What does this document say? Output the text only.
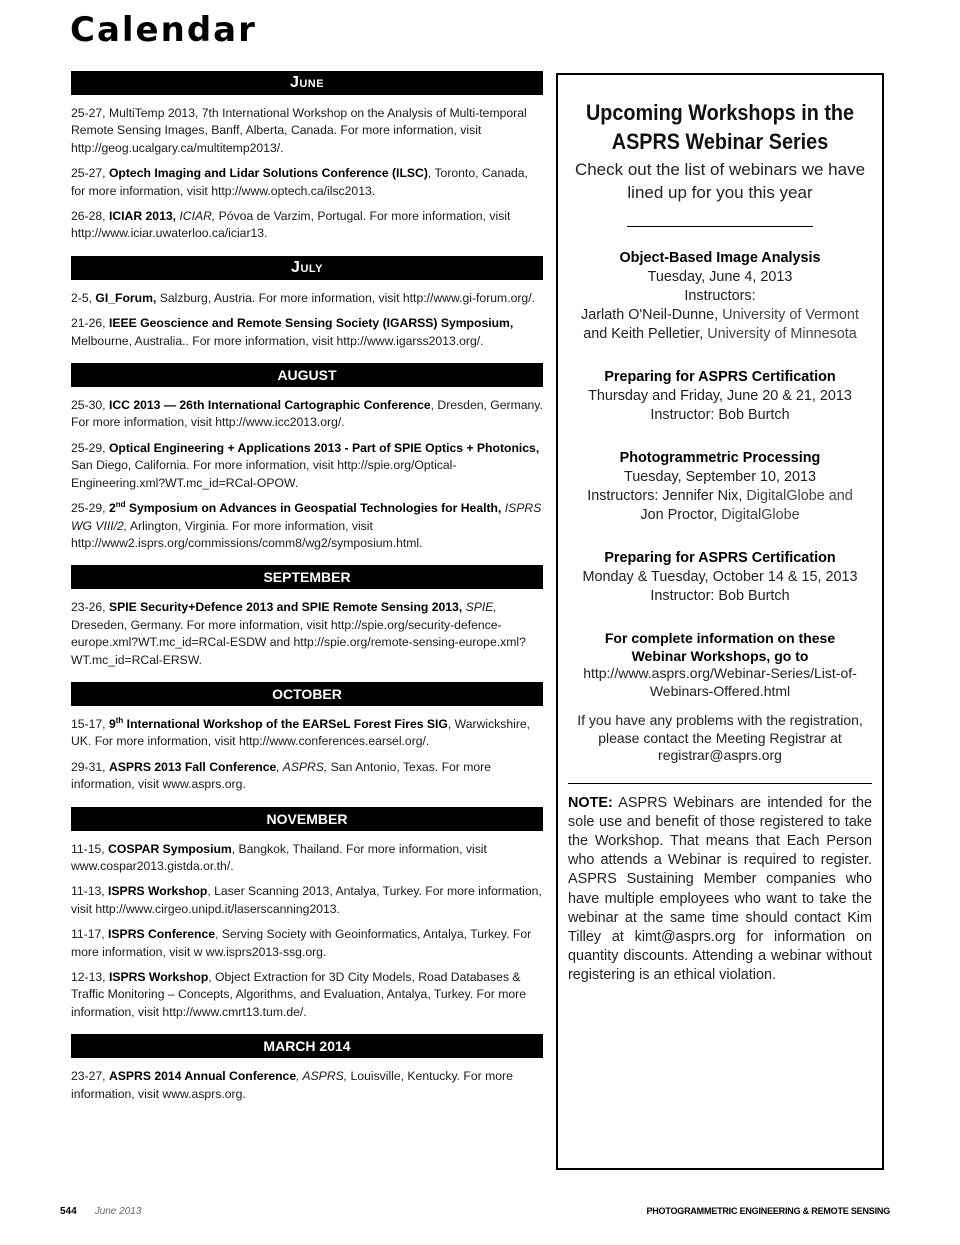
Calendar
June

25-27, MultiTemp 2013, 7th International Workshop on the Analysis of Multi-temporal Remote Sensing Images, Banff, Alberta, Canada. For more information, visit http://geog.ucalgary.ca/multitemp2013/.

25-27, Optech Imaging and Lidar Solutions Conference (ILSC), Toronto, Canada, for more information, visit http://www.optech.ca/ilsc2013.

26-28, ICIAR 2013, ICIAR, Póvoa de Varzim, Portugal. For more information, visit http://www.iciar.uwaterloo.ca/iciar13.

July

2-5, GI_Forum, Salzburg, Austria. For more information, visit http://www.gi-forum.org/.

21-26, IEEE Geoscience and Remote Sensing Society (IGARSS) Symposium, Melbourne, Australia.. For more information, visit http://www.igarss2013.org/.

AUGUST

25-30, ICC 2013 — 26th International Cartographic Conference, Dresden, Germany. For more information, visit http://www.icc2013.org/.

25-29, Optical Engineering + Applications 2013 - Part of SPIE Optics + Photonics, San Diego, California. For more information, visit http://spie.org/Optical-Engineering.xml?WT.mc_id=RCal-OPOW.

25-29, 2nd Symposium on Advances in Geospatial Technologies for Health, ISPRS WG VIII/2, Arlington, Virginia. For more information, visit http://www2.isprs.org/commissions/comm8/wg2/symposium.html.

SEPTEMBER

23-26, SPIE Security+Defence 2013 and SPIE Remote Sensing 2013, SPIE, Dreseden, Germany. For more information, visit http://spie.org/security-defence-europe.xml?WT.mc_id=RCal-ESDW and http://spie.org/remote-sensing-europe.xml?WT.mc_id=RCal-ERSW.

OCTOBER

15-17, 9th International Workshop of the EARSeL Forest Fires SIG, Warwickshire, UK. For more information, visit http://www.conferences.earsel.org/.

29-31, ASPRS 2013 Fall Conference, ASPRS, San Antonio, Texas. For more information, visit www.asprs.org.

NOVEMBER

11-15, COSPAR Symposium, Bangkok, Thailand. For more information, visit www.cospar2013.gistda.or.th/.

11-13, ISPRS Workshop, Laser Scanning 2013, Antalya, Turkey. For more information, visit http://www.cirgeo.unipd.it/laserscanning2013.

11-17, ISPRS Conference, Serving Society with Geoinformatics, Antalya, Turkey. For more information, visit w ww.isprs2013-ssg.org.

12-13, ISPRS Workshop, Object Extraction for 3D City Models, Road Databases & Traffic Monitoring – Concepts, Algorithms, and Evaluation, Antalya, Turkey. For more information, visit http://www.cmrt13.tum.de/.

MARCH 2014

23-27, ASPRS 2014 Annual Conference, ASPRS, Louisville, Kentucky. For more information, visit www.asprs.org.

Upcoming Workshops in the
ASPRS Webinar Series
Check out the list of webinars we have
lined up for you this year
Object-Based Image Analysis
Tuesday, June 4, 2013
Instructors:
Jarlath O'Neil-Dunne, University of Vermont
and Keith Pelletier, University of Minnesota
Preparing for ASPRS Certification
Thursday and Friday, June 20 & 21, 2013
Instructor: Bob Burtch
Photogrammetric Processing
Tuesday, September 10, 2013
Instructors: Jennifer Nix, DigitalGlobe and
Jon Proctor, DigitalGlobe
Preparing for ASPRS Certification
Monday & Tuesday, October 14 & 15, 2013
Instructor: Bob Burtch
For complete information on these
Webinar Workshops, go to
http://www.asprs.org/Webinar-Series/List-of-Webinars-Offered.html
If you have any problems with the registration, please contact the Meeting Registrar at registrar@asprs.org

NOTE: ASPRS Webinars are intended for the sole use and benefit of those registered to take the Workshop. That means that Each Person who attends a Webinar is required to register. ASPRS Sustaining Member companies who have multiple employees who want to take the webinar at the same time should contact Kim Tilley at kimt@asprs.org for information on quantity discounts. Attending a webinar without registering is an ethical violation.

544 June 2013	PHOTOGRAMMETRIC ENGINEERING & REMOTE SENSING
